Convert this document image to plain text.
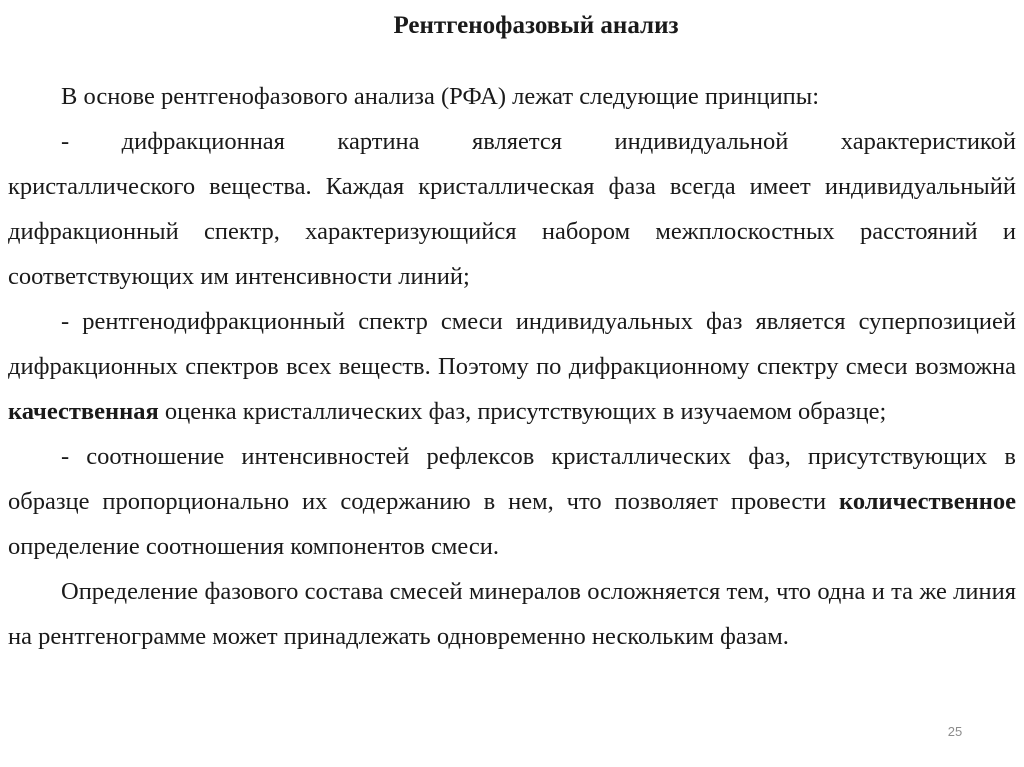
Рентгенофазовый анализ

В основе рентгенофазового анализа (РФА) лежат следующие принципы:

- дифракционная картина является индивидуальной характеристикой

кристаллического вещества. Каждая кристаллическая фаза всегда имеет индивидуальныйй дифракционный спектр, характеризующийся набором межплоскостных расстояний и соответствующих им интенсивности линий;

- рентгенодифракционный спектр смеси индивидуальных фаз является суперпозицией дифракционных спектров всех веществ. Поэтому по дифракционному спектру смеси возможна качественная оценка кристаллических фаз, присутствующих в изучаемом образце;

- соотношение интенсивностей рефлексов кристаллических фаз, присутствующих в образце пропорционально их содержанию в нем, что позволяет провести количественное определение соотношения компонентов смеси.

Определение фазового состава смесей минералов осложняется тем, что одна и та же линия на рентгенограмме может принадлежать одновременно нескольким фазам.

25
